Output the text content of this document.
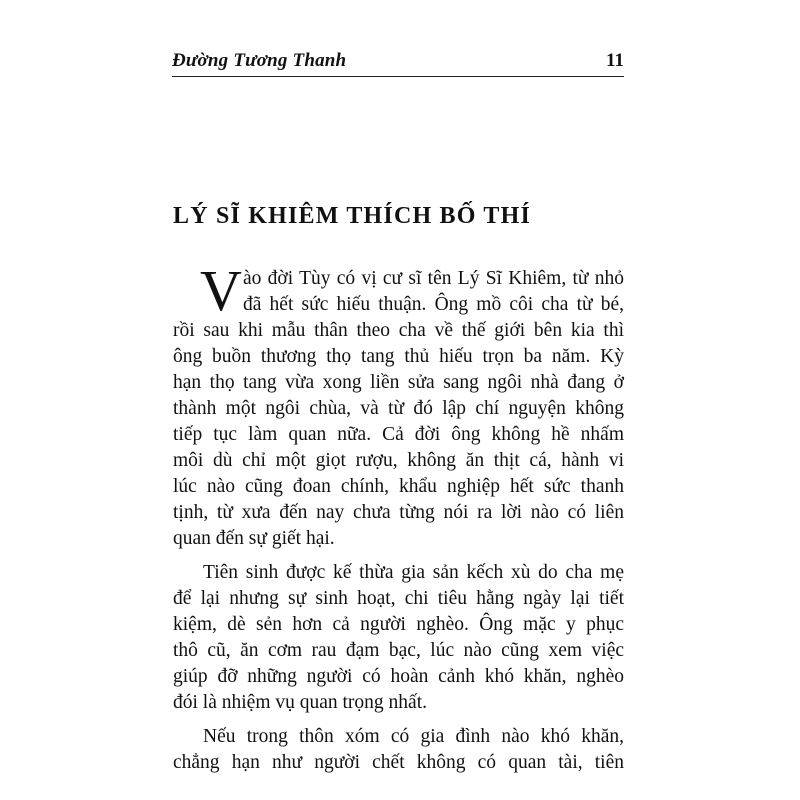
Đường Tương Thanh	11
LÝ SĨ KHIÊM THÍCH BỐ THÍ
V ào đời Tùy có vị cư sĩ tên Lý Sĩ Khiêm, từ nhỏ
đã hết sức hiếu thuận. Ông mồ côi cha từ bé,
rồi sau khi mẫu thân theo cha về thế giới bên kia thì
ông buồn thương thọ tang thủ hiếu trọn ba năm. Kỳ
hạn thọ tang vừa xong liền sửa sang ngôi nhà đang ở
thành một ngôi chùa, và từ đó lập chí nguyện không
tiếp tục làm quan nữa. Cả đời ông không hề nhấm
môi dù chỉ một giọt rượu, không ăn thịt cá, hành vi
lúc nào cũng đoan chính, khẩu nghiệp hết sức thanh
tịnh, từ xưa đến nay chưa từng nói ra lời nào có liên
quan đến sự giết hại.
Tiên sinh được kế thừa gia sản kếch xù do cha mẹ
để lại nhưng sự sinh hoạt, chi tiêu hằng ngày lại tiết
kiệm, dè sẻn hơn cả người nghèo. Ông mặc y phục
thô cũ, ăn cơm rau đạm bạc, lúc nào cũng xem việc
giúp đỡ những người có hoàn cảnh khó khăn, nghèo
đói là nhiệm vụ quan trọng nhất.
Nếu trong thôn xóm có gia đình nào khó khăn,
chẳng hạn như người chết không có quan tài, tiên
